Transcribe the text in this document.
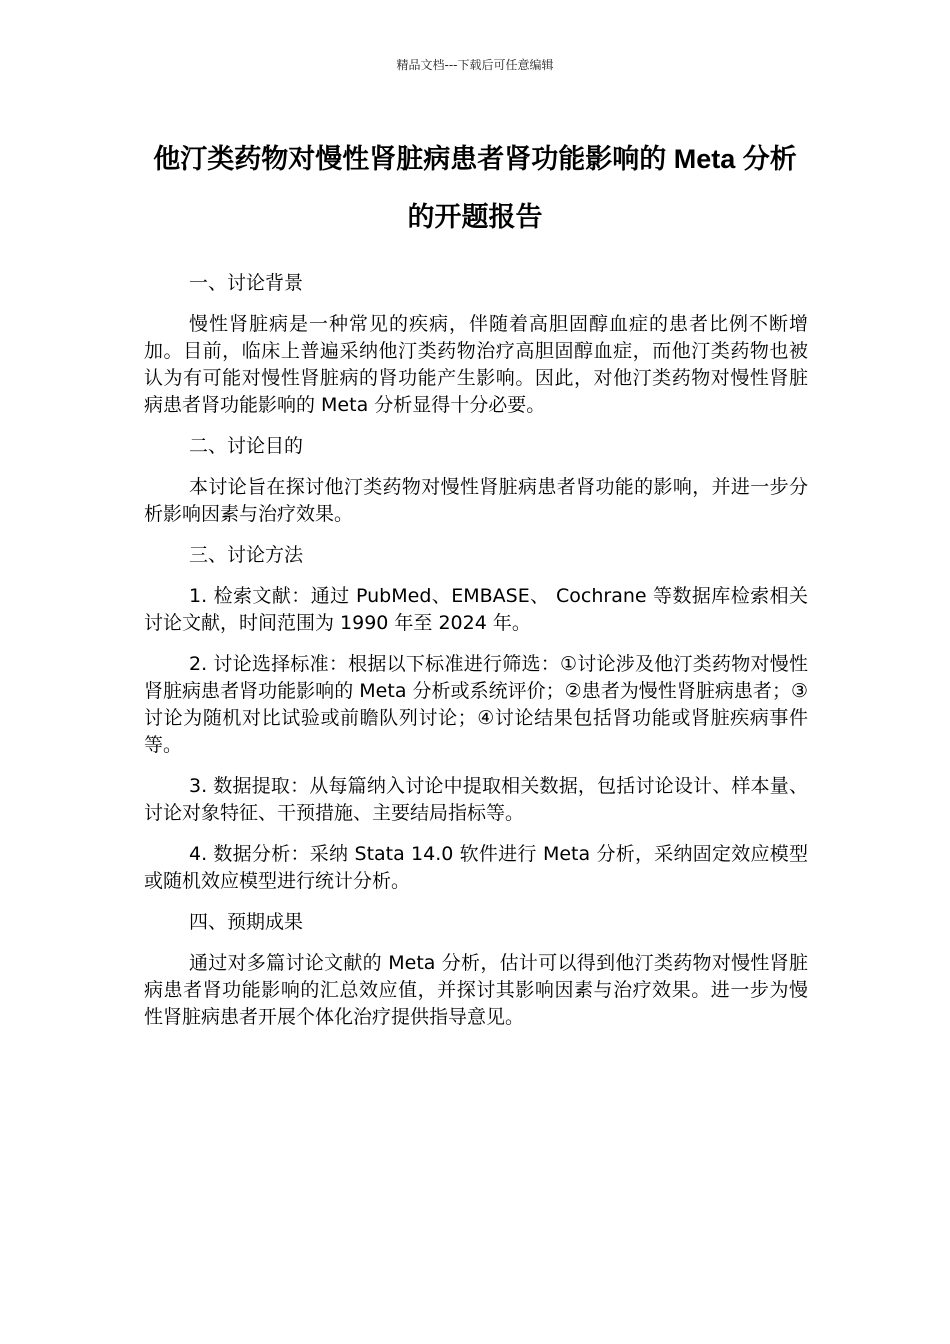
精品文档---下载后可任意编辑
他汀类药物对慢性肾脏病患者肾功能影响的 Meta 分析的开题报告

一、讨论背景

慢性肾脏病是一种常见的疾病，伴随着高胆固醇血症的患者比例不断增加。目前，临床上普遍采纳他汀类药物治疗高胆固醇血症，而他汀类药物也被认为有可能对慢性肾脏病的肾功能产生影响。因此，对他汀类药物对慢性肾脏病患者肾功能影响的 Meta 分析显得十分必要。

二、讨论目的

本讨论旨在探讨他汀类药物对慢性肾脏病患者肾功能的影响，并进一步分析影响因素与治疗效果。

三、讨论方法

1. 检索文献：通过 PubMed、EMBASE、 Cochrane 等数据库检索相关讨论文献，时间范围为 1990 年至 2024 年。

2. 讨论选择标准：根据以下标准进行筛选：①讨论涉及他汀类药物对慢性肾脏病患者肾功能影响的 Meta 分析或系统评价；②患者为慢性肾脏病患者；③讨论为随机对比试验或前瞻队列讨论；④讨论结果包括肾功能或肾脏疾病事件等。

3. 数据提取：从每篇纳入讨论中提取相关数据，包括讨论设计、样本量、讨论对象特征、干预措施、主要结局指标等。

4. 数据分析：采纳 Stata 14.0 软件进行 Meta 分析，采纳固定效应模型或随机效应模型进行统计分析。

四、预期成果

通过对多篇讨论文献的 Meta 分析，估计可以得到他汀类药物对慢性肾脏病患者肾功能影响的汇总效应值，并探讨其影响因素与治疗效果。进一步为慢性肾脏病患者开展个体化治疗提供指导意见。
